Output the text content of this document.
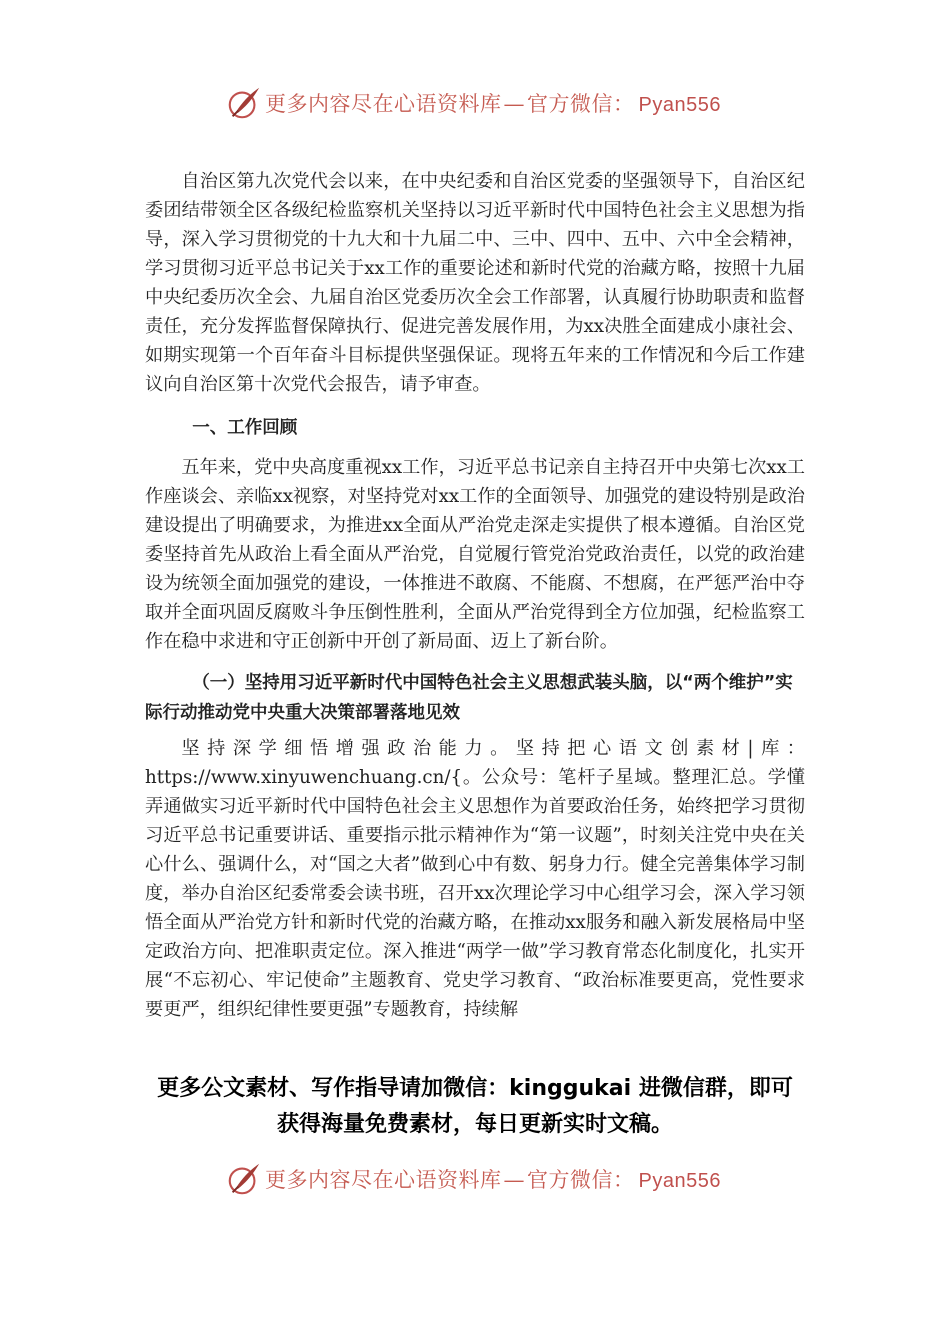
更多内容尽在心语资料库—官方微信： Pyan556

自治区第九次党代会以来，在中央纪委和自治区党委的坚强领导下，自治区纪委团结带领全区各级纪检监察机关坚持以习近平新时代中国特色社会主义思想为指导，深入学习贯彻党的十九大和十九届二中、三中、四中、五中、六中全会精神，学习贯彻习近平总书记关于xx工作的重要论述和新时代党的治藏方略，按照十九届中央纪委历次全会、九届自治区党委历次全会工作部署，认真履行协助职责和监督责任，充分发挥监督保障执行、促进完善发展作用，为xx决胜全面建成小康社会、如期实现第一个百年奋斗目标提供坚强保证。现将五年来的工作情况和今后工作建议向自治区第十次党代会报告，请予审查。

一、工作回顾

五年来，党中央高度重视xx工作，习近平总书记亲自主持召开中央第七次xx工作座谈会、亲临xx视察，对坚持党对xx工作的全面领导、加强党的建设特别是政治建设提出了明确要求，为推进xx全面从严治党走深走实提供了根本遵循。自治区党委坚持首先从政治上看全面从严治党，自觉履行管党治党政治责任，以党的政治建设为统领全面加强党的建设，一体推进不敢腐、不能腐、不想腐，在严惩严治中夺取并全面巩固反腐败斗争压倒性胜利，全面从严治党得到全方位加强，纪检监察工作在稳中求进和守正创新中开创了新局面、迈上了新台阶。

（一）坚持用习近平新时代中国特色社会主义思想武装头脑，以“两个维护”实际行动推动党中央重大决策部署落地见效

坚持深学细悟增强政治能力。坚持把心语文创素材|库：https://www.xinyuwenchuang.cn/{。公众号：笔杆子星域。整理汇总。学懂弄通做实习近平新时代中国特色社会主义思想作为首要政治任务，始终把学习贯彻习近平总书记重要讲话、重要指示批示精神作为“第一议题”，时刻关注党中央在关心什么、强调什么，对“国之大者”做到心中有数、躬身力行。健全完善集体学习制度，举办自治区纪委常委会读书班，召开xx次理论学习中心组学习会，深入学习领悟全面从严治党方针和新时代党的治藏方略，在推动xx服务和融入新发展格局中坚定政治方向、把准职责定位。深入推进“两学一做”学习教育常态化制度化，扎实开展“不忘初心、牢记使命”主题教育、党史学习教育、“政治标准要更高，党性要求要更严，组织纪律性要更强”专题教育，持续解

更多公文素材、写作指导请加微信：kinggukai 进微信群，即可
获得海量免费素材，每日更新实时文稿。
更多内容尽在心语资料库—官方微信： Pyan556
